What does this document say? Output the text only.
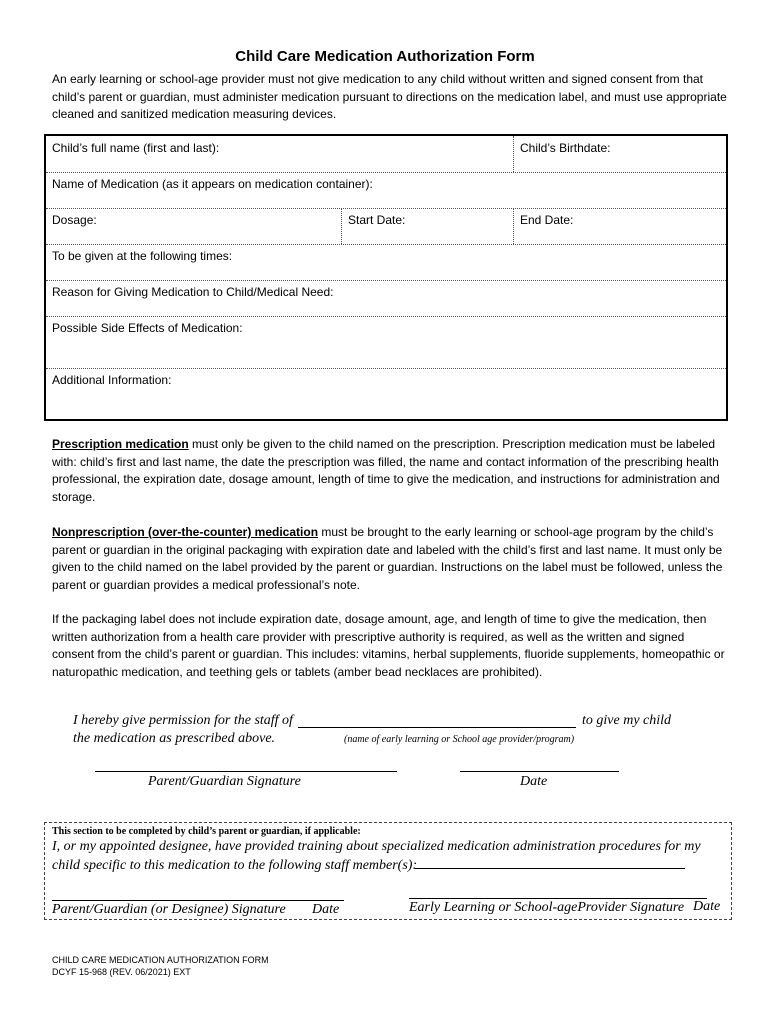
Child Care Medication Authorization Form
An early learning or school-age provider must not give medication to any child without written and signed consent from that child’s parent or guardian, must administer medication pursuant to directions on the medication label, and must use appropriate cleaned and sanitized medication measuring devices.
Child’s full name (first and last):	Child’s Birthdate:
Name of Medication (as it appears on medication container):
Dosage:	Start Date:	End Date:
To be given at the following times:
Reason for Giving Medication to Child/Medical Need:
Possible Side Effects of Medication:
Additional Information:
Prescription medication must only be given to the child named on the prescription. Prescription medication must be labeled with: child’s first and last name, the date the prescription was filled, the name and contact information of the prescribing health professional, the expiration date, dosage amount, length of time to give the medication, and instructions for administration and storage.
Nonprescription (over-the-counter) medication must be brought to the early learning or school-age program by the child’s parent or guardian in the original packaging with expiration date and labeled with the child’s first and last name. It must only be given to the child named on the label provided by the parent or guardian. Instructions on the label must be followed, unless the parent or guardian provides a medical professional’s note.
If the packaging label does not include expiration date, dosage amount, age, and length of time to give the medication, then written authorization from a health care provider with prescriptive authority is required, as well as the written and signed consent from the child’s parent or guardian. This includes: vitamins, herbal supplements, fluoride supplements, homeopathic or naturopathic medication, and teething gels or tablets (amber bead necklaces are prohibited).
I hereby give permission for the staff of	to give my child
the medication as prescribed above.	(name of early learning or School age provider/program)
Parent/Guardian Signature	Date
This section to be completed by child’s parent or guardian, if applicable:
I, or my appointed designee, have provided training about specialized medication administration procedures for my child specific to this medication to the following staff member(s):
Parent/Guardian (or Designee) Signature Date	Early Learning or School-ageProvider Signature Date
CHILD CARE MEDICATION AUTHORIZATION FORM
DCYF 15-968 (REV. 06/2021) EXT
